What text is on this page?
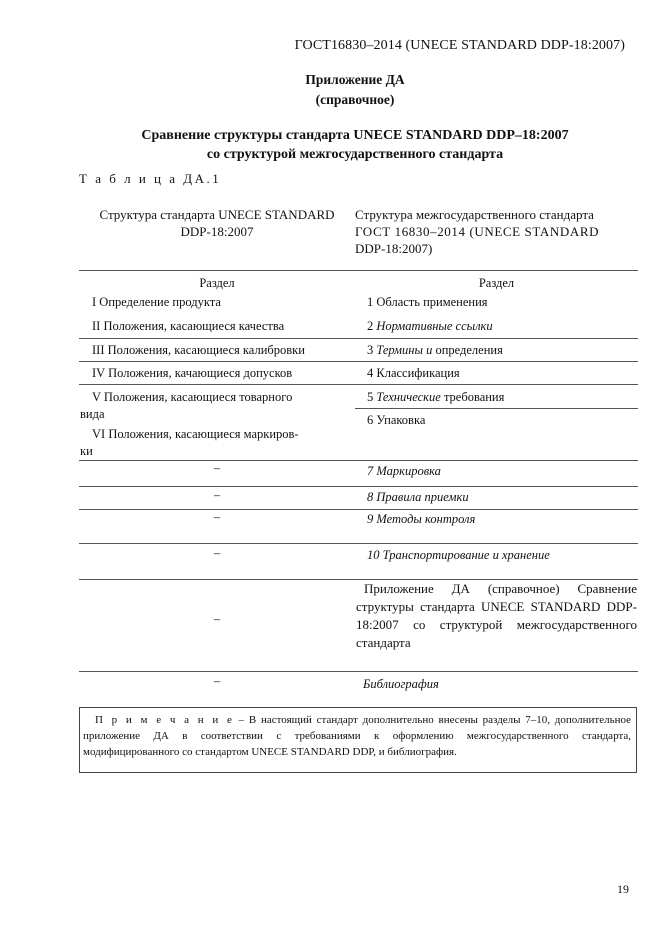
ГОСТ16830–2014 (UNECE STANDARD DDP-18:2007)
Приложение ДА
(справочное)
Сравнение структуры стандарта UNECE STANDARD DDP–18:2007
со структурой межгосударственного стандарта
Т а б л и ц а ДА.1
Структура стандарта UNECE STANDARD
DDP-18:2007
Структура межгосударственного стандарта
ГОСТ 16830–2014 (UNECE STANDARD
DDP-18:2007)
Раздел	Раздел
I Определение продукта
II Положения, касающиеся качества
III Положения, касающиеся калибровки
IV Положения, качающиеся допусков
V Положения, касающиеся товарного
вида
VI Положения, касающиеся маркиров-
ки
–
–
–
–
–
–
1 Область применения
2 Нормативные ссылки
3 Термины и определения
4 Классификация
5 Технические требования
6 Упаковка
7 Маркировка
8 Правила приемки
9 Методы контроля
10 Транспортирование и хранение
Приложение ДА (справочное) Сравнение структуры стандарта UNECE STANDARD DDP-18:2007 со структурой межгосударственного стандарта
Библиография
П р и м е ч а н и е – В настоящий стандарт дополнительно внесены разделы 7–10, дополнительное приложение ДА в соответствии с требованиями к оформлению межгосударственного стандарта, модифицированного со стандартом UNECE STANDARD DDP, и библиография.
19
